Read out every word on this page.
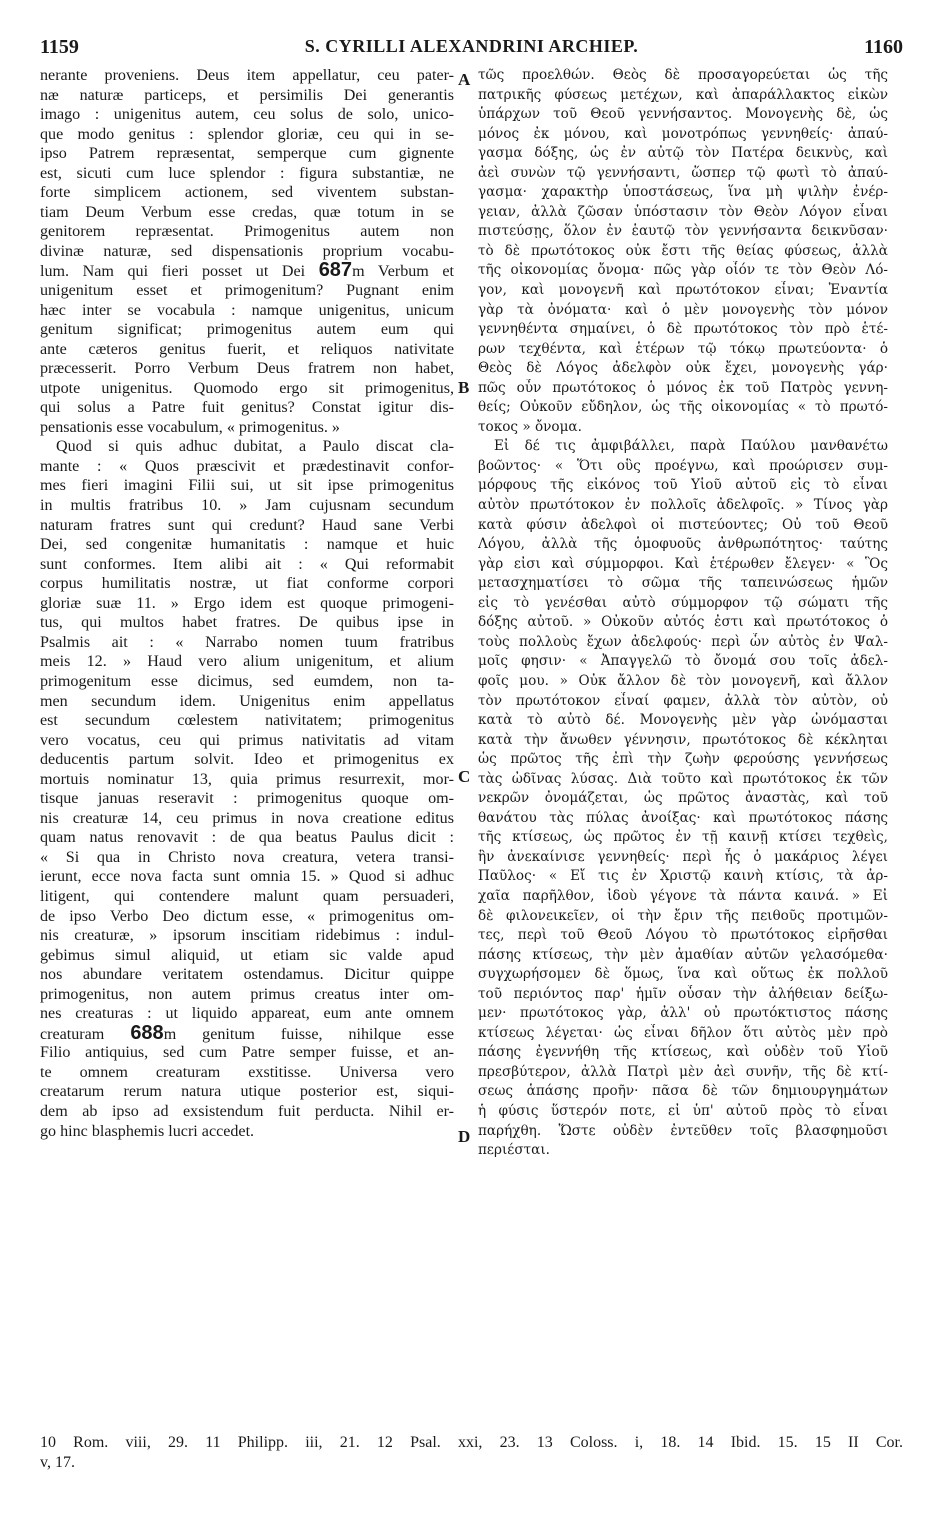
1159	S. CYRILLI ALEXANDRINI ARCHIEP.	1160
nerante proveniens. Deus item appellatur, ceu pater-
næ naturæ particeps, et persimilis Dei generantis
imago : unigenitus autem, ceu solus de solo, unico-
que modo genitus : splendor gloriæ, ceu qui in se-
ipso Patrem repræsentat, semperque cum gignente
est, sicuti cum luce splendor : figura substantiæ, ne
forte simplicem actionem, sed viventem substan-
tiam Deum Verbum esse credas, quæ totum in se
genitorem repræsentat. Primogenitus autem non
divinæ naturæ, sed dispensationis proprium vocabu-
lum. Nam qui fieri posset ut Dei 687m Verbum et
unigenitum esset et primogenitum? Pugnant enim
hæc inter se vocabula : namque unigenitus, unicum
genitum significat; primogenitus autem eum qui
ante cæteros genitus fuerit, et reliquos nativitate
præcesserit. Porro Verbum Deus fratrem non habet,
utpote unigenitus. Quomodo ergo sit primogenitus,
qui solus a Patre fuit genitus? Constat igitur dis-
pensationis esse vocabulum, « primogenitus. »
Quod si quis adhuc dubitat, a Paulo discat cla-
mante : « Quos præscivit et prædestinavit confor-
mes fieri imagini Filii sui, ut sit ipse primogenitus
in multis fratribus 10. » Jam cujusnam secundum
naturam fratres sunt qui credunt? Haud sane Verbi
Dei, sed congenitæ humanitatis : namque et huic
sunt conformes. Item alibi ait : « Qui reformabit
corpus humilitatis nostræ, ut fiat conforme corpori
gloriæ suæ 11. » Ergo idem est quoque primogeni-
tus, qui multos habet fratres. De quibus ipse in
Psalmis ait : « Narrabo nomen tuum fratribus
meis 12. » Haud vero alium unigenitum, et alium
primogenitum esse dicimus, sed eumdem, non ta-
men secundum idem. Unigenitus enim appellatus
est secundum cœlestem nativitatem; primogenitus
vero vocatus, ceu qui primus nativitatis ad vitam
deducentis partum solvit. Ideo et primogenitus ex
mortuis nominatur 13, quia primus resurrexit, mor-
tisque januas reseravit : primogenitus quoque om-
nis creaturæ 14, ceu primus in nova creatione editus
quam natus renovavit : de qua beatus Paulus dicit :
« Si qua in Christo nova creatura, vetera transi-
ierunt, ecce nova facta sunt omnia 15. » Quod si adhuc
litigent, qui contendere malunt quam persuaderi,
de ipso Verbo Deo dictum esse, « primogenitus om-
nis creaturæ, » ipsorum inscitiam ridebimus : indul-
gebimus simul aliquid, ut etiam sic valde apud
nos abundare veritatem ostendamus. Dicitur quippe
primogenitus, non autem primus creatus inter om-
nes creaturas : ut liquido appareat, eum ante omnem
creaturam 688m genitum fuisse, nihilque esse
Filio antiquius, sed cum Patre semper fuisse, et an-
te omnem creaturam exstitisse. Universa vero
creatarum rerum natura utique posterior est, siqui-
dem ab ipso ad exsistendum fuit perducta. Nihil er-
go hinc blasphemis lucri accedet.
τῶς προελθών. Θεὸς δὲ προσαγορεύεται ὡς τῆς
πατρικῆς φύσεως μετέχων, καὶ ἀπαράλλακτος εἰκὼν
ὑπάρχων τοῦ Θεοῦ γεννήσαντος. Μονογενὴς δὲ, ὡς
μόνος ἐκ μόνου, καὶ μονοτρόπως γεννηθείς· ἀπαύ-
γασμα δόξης, ὡς ἐν αὐτῷ τὸν Πατέρα δεικνὺς, καὶ
ἀεὶ συνὼν τῷ γεννήσαντι, ὥσπερ τῷ φωτὶ τὸ ἀπαύ-
γασμα· χαρακτὴρ ὑποστάσεως, ἵνα μὴ ψιλὴν ἐνέρ-
γειαν, ἀλλὰ ζῶσαν ὑπόστασιν τὸν Θεὸν Λόγον εἶναι
πιστεύσῃς, ὅλον ἐν ἑαυτῷ τὸν γεννήσαντα δεικνῦσαν·
τὸ δὲ πρωτότοκος οὐκ ἔστι τῆς θείας φύσεως, ἀλλὰ
τῆς οἰκονομίας ὄνομα· πῶς γὰρ οἷόν τε τὸν Θεὸν Λό-
γον, καὶ μονογενῆ καὶ πρωτότοκον εἶναι; Ἐναντία
γὰρ τὰ ὀνόματα· καὶ ὁ μὲν μονογενὴς τὸν μόνον
γεννηθέντα σημαίνει, ὁ δὲ πρωτότοκος τὸν πρὸ ἑτέ-
ρων τεχθέντα, καὶ ἑτέρων τῷ τόκῳ πρωτεύοντα· ὁ
Θεὸς δὲ Λόγος ἀδελφὸν οὐκ ἔχει, μονογενὴς γάρ·
πῶς οὖν πρωτότοκος ὁ μόνος ἐκ τοῦ Πατρὸς γεννη-
θείς; Οὐκοῦν εὔδηλον, ὡς τῆς οἰκονομίας « τὸ πρωτό-
τοκος » ὄνομα.
Εἰ δέ τις ἀμφιβάλλει, παρὰ Παύλου μανθανέτω
βοῶντος· « Ὅτι οὓς προέγνω, καὶ προώρισεν συμ-
μόρφους τῆς εἰκόνος τοῦ Υἱοῦ αὐτοῦ εἰς τὸ εἶναι
αὐτὸν πρωτότοκον ἐν πολλοῖς ἀδελφοῖς. » Τίνος γὰρ
κατὰ φύσιν ἀδελφοὶ οἱ πιστεύοντες; Οὐ τοῦ Θεοῦ
Λόγου, ἀλλὰ τῆς ὁμοφυοῦς ἀνθρωπότητος· ταύτης
γὰρ εἰσι καὶ σύμμορφοι. Καὶ ἑτέρωθεν ἔλεγεν· « Ὃς
μετασχηματίσει τὸ σῶμα τῆς ταπεινώσεως ἡμῶν
εἰς τὸ γενέσθαι αὐτὸ σύμμορφον τῷ σώματι τῆς
δόξης αὐτοῦ. » Οὐκοῦν αὐτός ἐστι καὶ πρωτότοκος ὁ
τοὺς πολλοὺς ἔχων ἀδελφούς· περὶ ὧν αὐτὸς ἐν Ψαλ-
μοῖς φησιν· « Ἀπαγγελῶ τὸ ὄνομά σου τοῖς ἀδελ-
φοῖς μου. » Οὐκ ἄλλον δὲ τὸν μονογενῆ, καὶ ἄλλον
τὸν πρωτότοκον εἶναί φαμεν, ἀλλὰ τὸν αὐτὸν, οὐ
κατὰ τὸ αὐτὸ δέ. Μονογενὴς μὲν γὰρ ὠνόμασται
κατὰ τὴν ἄνωθεν γέννησιν, πρωτότοκος δὲ κέκληται
ὡς πρῶτος τῆς ἐπὶ τὴν ζωὴν φερούσης γεννήσεως
τὰς ὠδῖνας λύσας. Διὰ τοῦτο καὶ πρωτότοκος ἐκ τῶν
νεκρῶν ὀνομάζεται, ὡς πρῶτος ἀναστὰς, καὶ τοῦ
θανάτου τὰς πύλας ἀνοίξας· καὶ πρωτότοκος πάσης
τῆς κτίσεως, ὡς πρῶτος ἐν τῇ καινῇ κτίσει τεχθεὶς,
ἣν ἀνεκαίνισε γεννηθείς· περὶ ἧς ὁ μακάριος λέγει
Παῦλος· « Εἴ τις ἐν Χριστῷ καινὴ κτίσις, τὰ ἀρ-
χαῖα παρῆλθον, ἰδοὺ γέγονε τὰ πάντα καινά. » Εἰ
δὲ φιλονεικεῖεν, οἱ τὴν ἔριν τῆς πειθοῦς προτιμῶν-
τες, περὶ τοῦ Θεοῦ Λόγου τὸ πρωτότοκος εἰρῆσθαι
πάσης κτίσεως, τὴν μὲν ἀμαθίαν αὐτῶν γελασόμεθα·
συγχωρήσομεν δὲ ὅμως, ἵνα καὶ οὕτως ἐκ πολλοῦ
τοῦ περιόντος παρ' ἡμῖν οὖσαν τὴν ἀλήθειαν δείξω-
μεν· πρωτότοκος γὰρ, ἀλλ' οὐ πρωτόκτιστος πάσης
κτίσεως λέγεται· ὡς εἶναι δῆλον ὅτι αὐτὸς μὲν πρὸ
πάσης ἐγεννήθη τῆς κτίσεως, καὶ οὐδὲν τοῦ Υἱοῦ
πρεσβύτερον, ἀλλὰ Πατρὶ μὲν ἀεὶ συνῆν, τῆς δὲ κτί-
σεως ἁπάσης προῆν· πᾶσα δὲ τῶν δημιουργημάτων
ἡ φύσις ὕστερόν ποτε, εἰ ὑπ' αὐτοῦ πρὸς τὸ εἶναι
παρήχθη. Ὥστε οὐδὲν ἐντεῦθεν τοῖς βλασφημοῦσι
περιέσται.
A
B
C
D
10 Rom. viii, 29. 11 Philipp. iii, 21. 12 Psal. xxi, 23. 13 Coloss. i, 18. 14 Ibid. 15. 15 II Cor.
v, 17.
